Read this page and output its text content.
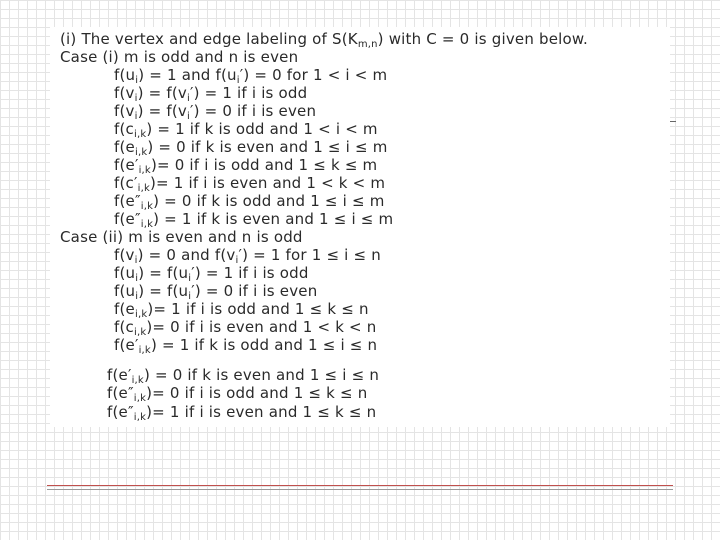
(i) The vertex and edge labeling of $S(K_{m,n})$ with C = 0 is given below.
Case (i) m is odd and n is even
$f(u_i) = 1$ and $f(u_i') = 0$ for 1 < i < m
$f(v_i) = f(v_i') = 1$ if i is odd
$f(v_i) = f(v_i') = 0$ if i is even
$f(c_{i,k}) = 1$ if k is odd and 1 < i < m
$f(e_{i,k}) = 0$ if k is even and 1 ≤ i ≤ m
$f(e'_{i,k})= 0$ if i is odd and 1 ≤ k ≤ m
$f(c'_{i,k})= 1$ if i is even and 1 < k < m
$f(e''_{i,k}) = 0$ if k is odd and 1 ≤ i ≤ m
$f(e''_{i,k}) = 1$ if k is even and 1 ≤ i ≤ m
Case (ii) m is even and n is odd
$f(v_i) = 0$ and $f(v_i') = 1$ for 1 ≤ i ≤ n
$f(u_i) = f(u_i') = 1$ if i is odd
$f(u_i) = f(u_i') = 0$ if i is even
$f(e_{i,k})= 1$ if i is odd and 1 ≤ k ≤ n
$f(c_{i,k})= 0$ if i is even and 1 < k < n
$f(e'_{i,k}) = 1$ if k is odd and 1 ≤ i ≤ n
$f(e'_{i,k}) = 0$ if k is even and 1 ≤ i ≤ n
$f(e''_{i,k})= 0$ if i is odd and 1 ≤ k ≤ n
$f(e''_{i,k})= 1$ if i is even and 1 ≤ k ≤ n
